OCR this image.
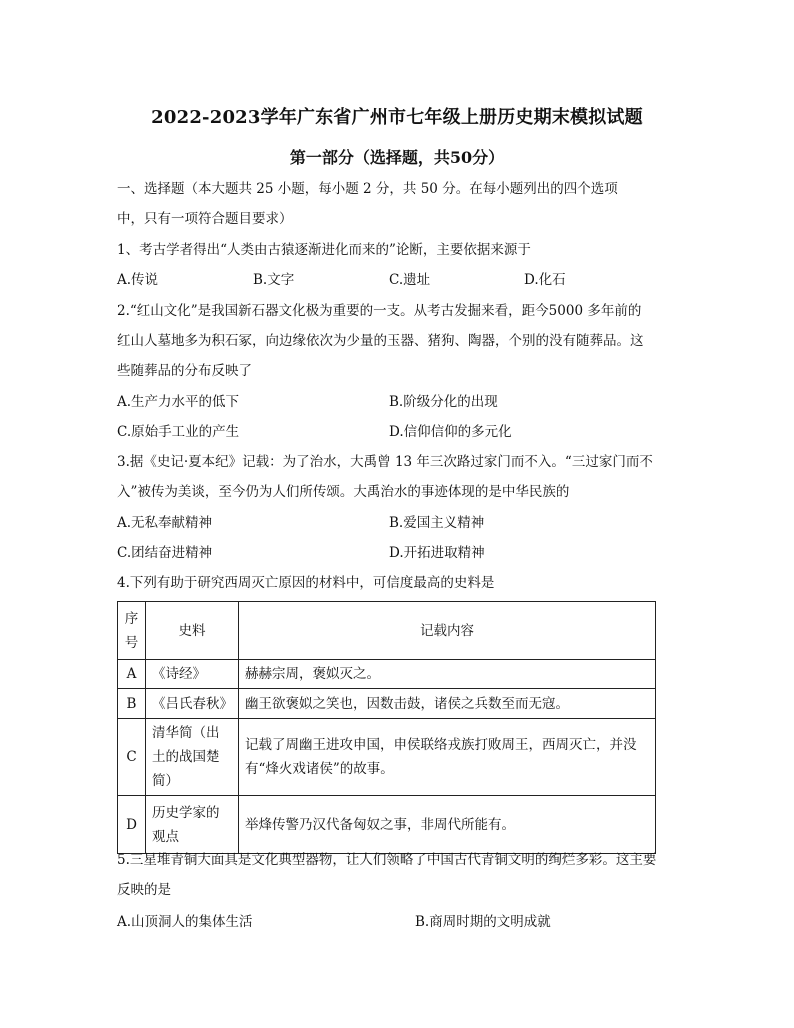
2022-2023学年广东省广州市七年级上册历史期末模拟试题
第一部分（选择题，共50分）
一、选择题（本大题共 25 小题，每小题 2 分，共 50 分。在每小题列出的四个选项
中，只有一项符合题目要求）
1、考古学者得出“人类由古猿逐渐进化而来的”论断，主要依据来源于
A.传说	B.文字	C.遗址	D.化石
2.“红山文化”是我国新石器文化极为重要的一支。从考古发掘来看，距今5000 多年前的
红山人墓地多为积石冢，向边缘依次为少量的玉器、猪狗、陶器，个别的没有随葬品。这
些随葬品的分布反映了
A.生产力水平的低下	B.阶级分化的出现
C.原始手工业的产生	D.信仰信仰的多元化
3.据《史记·夏本纪》记载：为了治水，大禹曾 13 年三次路过家门而不入。“三过家门而不
入”被传为美谈，至今仍为人们所传颂。大禹治水的事迹体现的是中华民族的
A.无私奉献精神	B.爱国主义精神
C.团结奋进精神	D.开拓进取精神
4.下列有助于研究西周灭亡原因的材料中，可信度最高的史料是
序号	史料	记载内容
A	《诗经》	赫赫宗周，褒姒灭之。
B	《吕氏春秋》	幽王欲褒姒之笑也，因数击鼓，诸侯之兵数至而无寇。
C	清华简（出土的战国楚简）	记载了周幽王进攻申国，申侯联络戎族打败周王，西周灭亡，并没有“烽火戏诸侯”的故事。
D	历史学家的观点	举烽传警乃汉代备匈奴之事，非周代所能有。
5.三星堆青铜大面具是文化典型器物，让人们领略了中国古代青铜文明的绚烂多彩。这主要
反映的是
A.山顶洞人的集体生活	B.商周时期的文明成就
